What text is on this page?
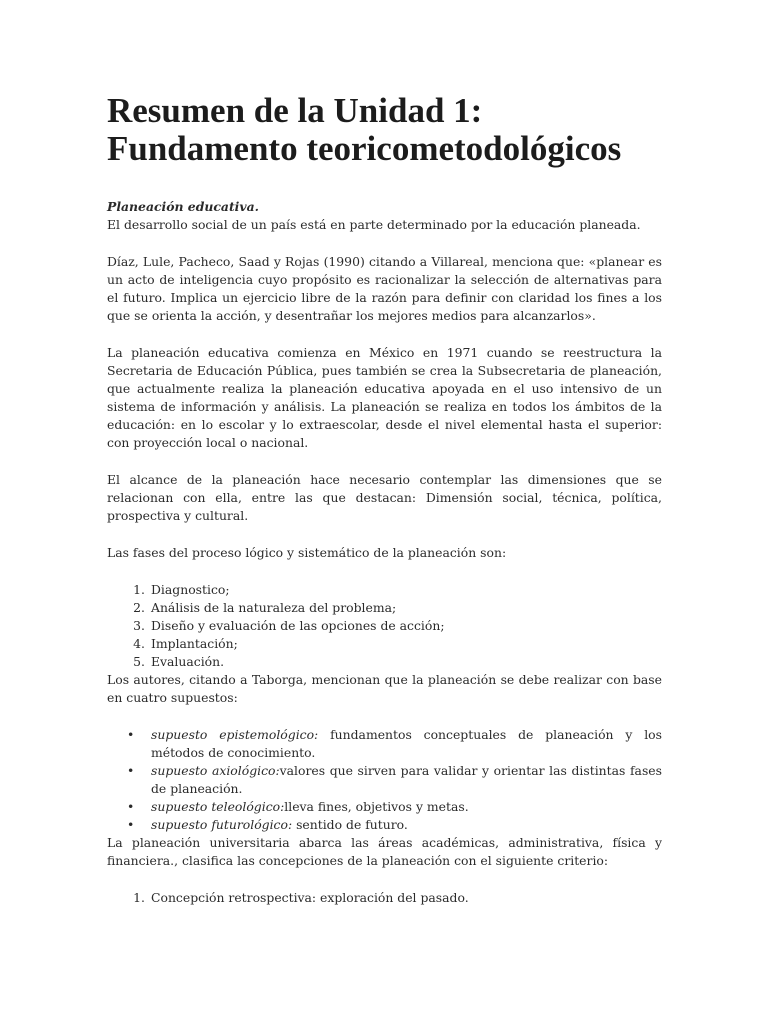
Resumen de la Unidad 1:
Fundamento teoricometodológicos

Planeación educativa.

El desarrollo social de un país está en parte determinado por la educación planeada.

Díaz, Lule, Pacheco, Saad y Rojas (1990) citando a Villareal, menciona que: «planear es un acto de inteligencia cuyo propósito es racionalizar la selección de alternativas para el futuro. Implica un ejercicio libre de la razón para definir con claridad los fines a los que se orienta la acción, y desentrañar los mejores medios para alcanzarlos».

La planeación educativa comienza en México en 1971 cuando se reestructura la Secretaria de Educación Pública, pues también se crea la Subsecretaria de planeación, que actualmente realiza la planeación educativa apoyada en el uso intensivo de un sistema de información y análisis. La planeación se realiza en todos los ámbitos de la educación: en lo escolar y lo extraescolar, desde el nivel elemental hasta el superior: con proyección local o nacional.

El alcance de la planeación hace necesario contemplar las dimensiones que se relacionan con ella, entre las que destacan: Dimensión social, técnica, política, prospectiva y cultural.

Las fases del proceso lógico y sistemático de la planeación son:

1. Diagnostico;
2. Análisis de la naturaleza del problema;
3. Diseño y evaluación de las opciones de acción;
4. Implantación;
5. Evaluación.

Los autores, citando a Taborga, mencionan que la planeación se debe realizar con base en cuatro supuestos:

• supuesto epistemológico: fundamentos conceptuales de planeación y los métodos de conocimiento.
• supuesto axiológico:valores que sirven para validar y orientar las distintas fases de planeación.
• supuesto teleológico:lleva fines, objetivos y metas.
• supuesto futurológico: sentido de futuro.

La planeación universitaria abarca las áreas académicas, administrativa, física y financiera., clasifica las concepciones de la planeación con el siguiente criterio:

1. Concepción retrospectiva: exploración del pasado.
